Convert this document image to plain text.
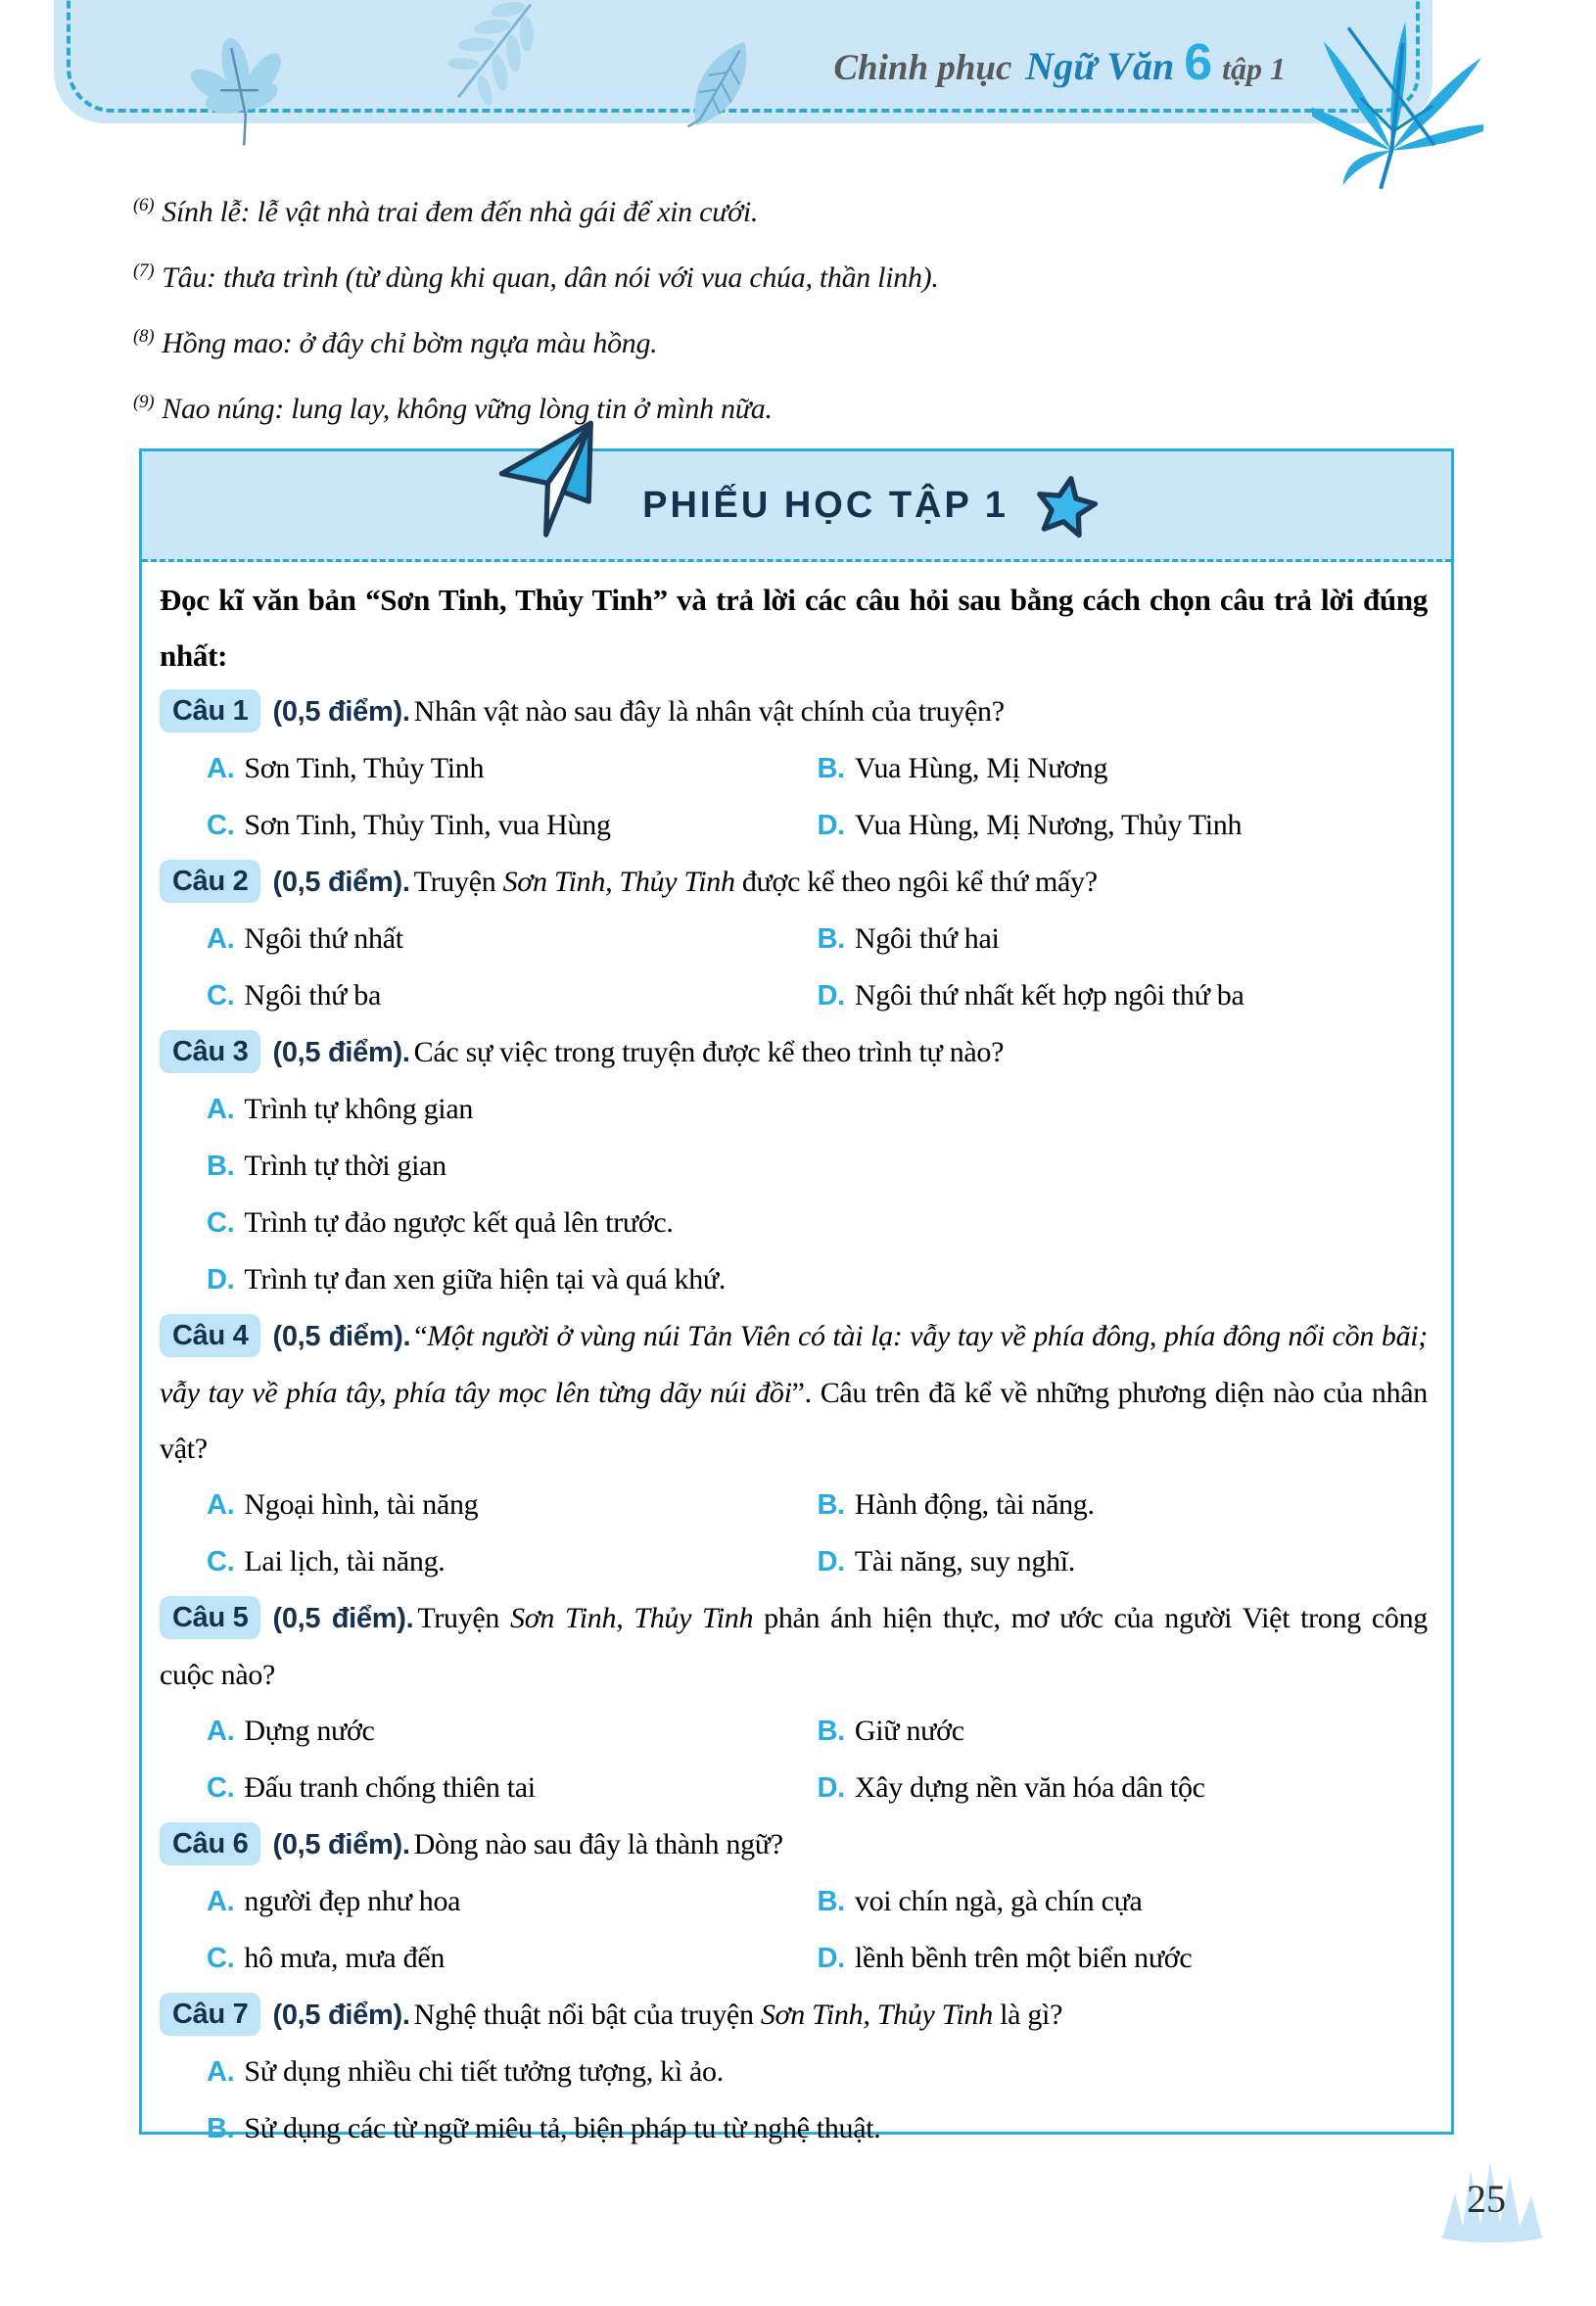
Chinh phục Ngữ Văn 6 tập 1

$^{(6)}$ Sính lễ: lễ vật nhà trai đem đến nhà gái để xin cưới.

$^{(7)}$ Tâu: thưa trình (từ dùng khi quan, dân nói với vua chúa, thần linh).

$^{(8)}$ Hồng mao: ở đây chỉ bờm ngựa màu hồng.

$^{(9)}$ Nao núng: lung lay, không vững lòng tin ở mình nữa.

PHIẾU HỌC TẬP 1

Đọc kĩ văn bản “Sơn Tinh, Thủy Tinh” và trả lời các câu hỏi sau bằng cách chọn câu trả lời đúng nhất:

Câu 1 (0,5 điểm). Nhân vật nào sau đây là nhân vật chính của truyện?

A. Sơn Tinh, Thủy Tinh	B. Vua Hùng, Mị Nương
C. Sơn Tinh, Thủy Tinh, vua Hùng	D. Vua Hùng, Mị Nương, Thủy Tinh

Câu 2 (0,5 điểm). Truyện Sơn Tinh, Thủy Tinh được kể theo ngôi kể thứ mấy?

A. Ngôi thứ nhất	B. Ngôi thứ hai
C. Ngôi thứ ba	D. Ngôi thứ nhất kết hợp ngôi thứ ba

Câu 3 (0,5 điểm). Các sự việc trong truyện được kể theo trình tự nào?

A. Trình tự không gian
B. Trình tự thời gian
C. Trình tự đảo ngược kết quả lên trước.
D. Trình tự đan xen giữa hiện tại và quá khứ.

Câu 4 (0,5 điểm). “Một người ở vùng núi Tản Viên có tài lạ: vẫy tay về phía đông, phía đông nổi cồn bãi; vẫy tay về phía tây, phía tây mọc lên từng dãy núi đồi”. Câu trên đã kể về những phương diện nào của nhân vật?

A. Ngoại hình, tài năng	B. Hành động, tài năng.
C. Lai lịch, tài năng.	D. Tài năng, suy nghĩ.

Câu 5 (0,5 điểm). Truyện Sơn Tinh, Thủy Tinh phản ánh hiện thực, mơ ước của người Việt trong công cuộc nào?

A. Dựng nước	B. Giữ nước
C. Đấu tranh chống thiên tai	D. Xây dựng nền văn hóa dân tộc

Câu 6 (0,5 điểm). Dòng nào sau đây là thành ngữ?

A. người đẹp như hoa	B. voi chín ngà, gà chín cựa
C. hô mưa, mưa đến	D. lềnh bềnh trên một biển nước

Câu 7 (0,5 điểm). Nghệ thuật nổi bật của truyện Sơn Tinh, Thủy Tinh là gì?

A. Sử dụng nhiều chi tiết tưởng tượng, kì ảo.
B. Sử dụng các từ ngữ miêu tả, biện pháp tu từ nghệ thuật.
25
